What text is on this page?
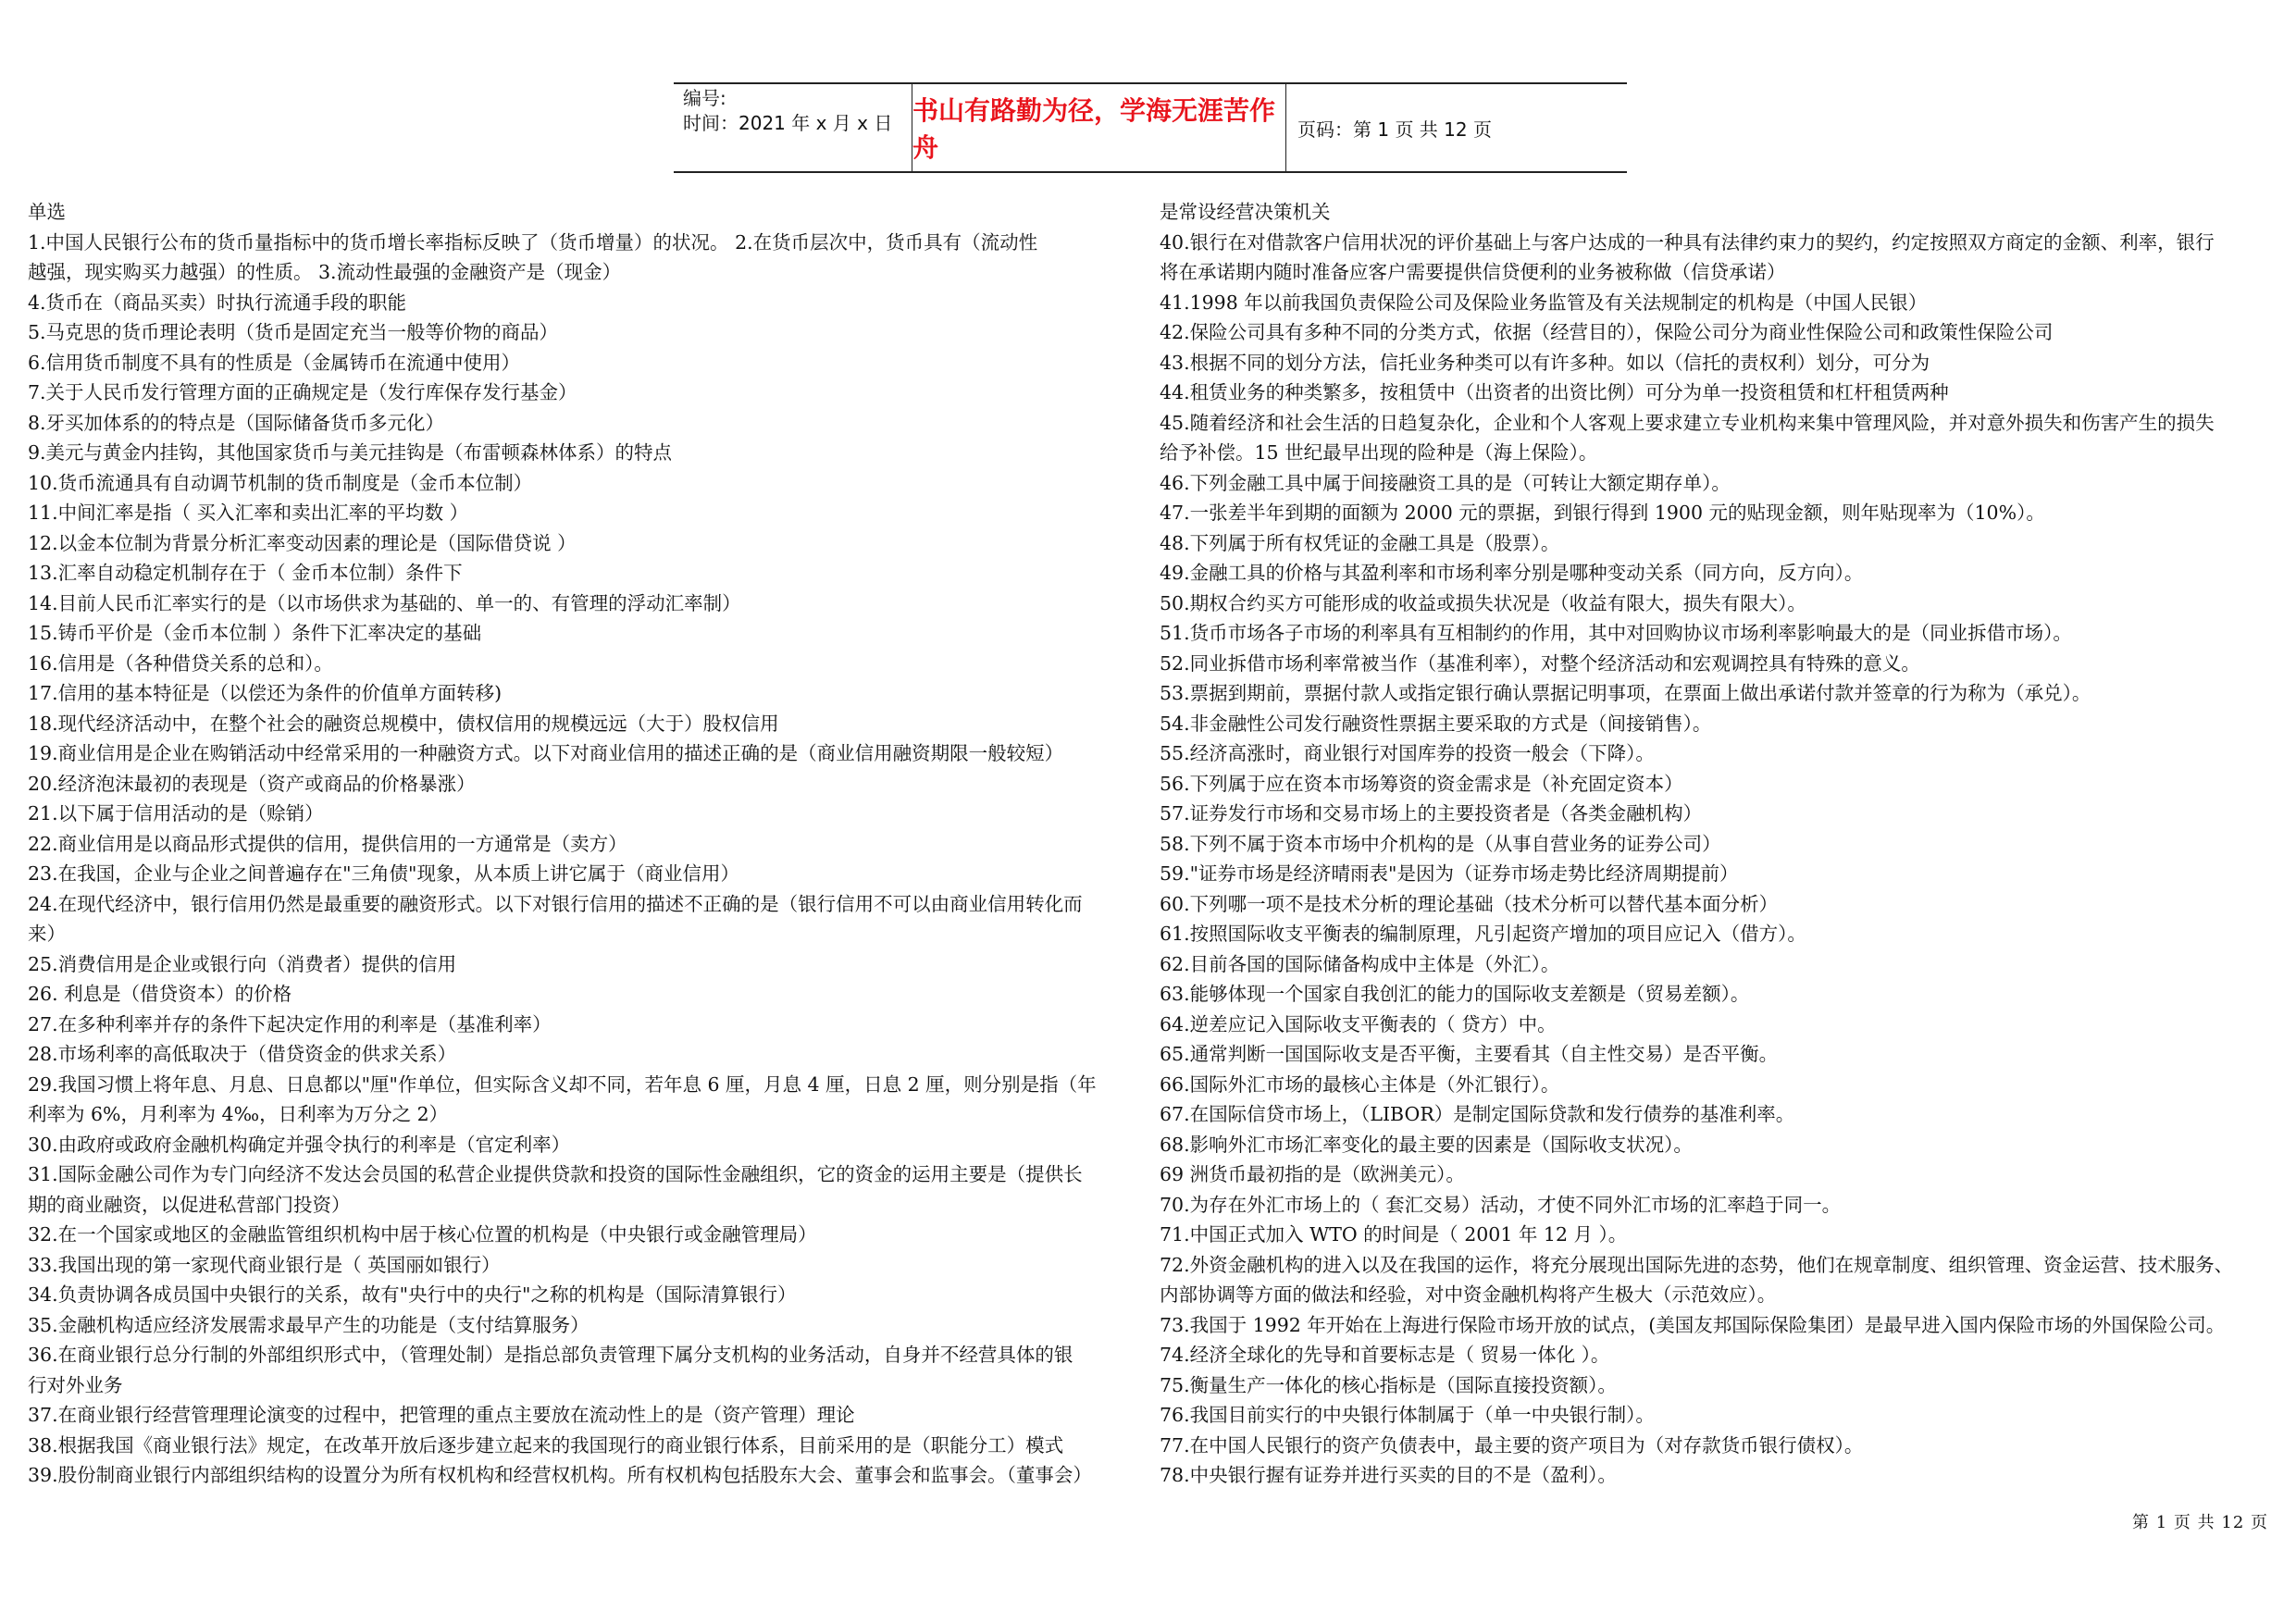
编号:
时间：2021 年 x 月 x 日 书山有路勤为径，学海无涯苦作舟
页码：第 1 页 共 12 页
单选
1.中国人民银行公布的货币量指标中的货币增长率指标反映了（货币增量）的状况。 2.在货币层次中，货币具有（流动性
越强，现实购买力越强）的性质。 3.流动性最强的金融资产是（现金）
4.货币在（商品买卖）时执行流通手段的职能
5.马克思的货币理论表明（货币是固定充当一般等价物的商品）
6.信用货币制度不具有的性质是（金属铸币在流通中使用）
7.关于人民币发行管理方面的正确规定是（发行库保存发行基金）
8.牙买加体系的的特点是（国际储备货币多元化）
9.美元与黄金内挂钩，其他国家货币与美元挂钩是（布雷顿森林体系）的特点
10.货币流通具有自动调节机制的货币制度是（金币本位制）
11.中间汇率是指（ 买入汇率和卖出汇率的平均数 ）
12.以金本位制为背景分析汇率变动因素的理论是（国际借贷说 ）
13.汇率自动稳定机制存在于（ 金币本位制）条件下
14.目前人民币汇率实行的是（以市场供求为基础的、单一的、有管理的浮动汇率制）
15.铸币平价是（金币本位制 ）条件下汇率决定的基础
16.信用是（各种借贷关系的总和）。
17.信用的基本特征是（以偿还为条件的价值单方面转移)
18.现代经济活动中，在整个社会的融资总规模中，债权信用的规模远远（大于）股权信用
19.商业信用是企业在购销活动中经常采用的一种融资方式。以下对商业信用的描述正确的是（商业信用融资期限一般较短）
20.经济泡沫最初的表现是（资产或商品的价格暴涨）
21.以下属于信用活动的是（赊销）
22.商业信用是以商品形式提供的信用，提供信用的一方通常是（卖方）
23.在我国，企业与企业之间普遍存在"三角债"现象，从本质上讲它属于（商业信用）
24.在现代经济中，银行信用仍然是最重要的融资形式。以下对银行信用的描述不正确的是（银行信用不可以由商业信用转化而
来）
25.消费信用是企业或银行向（消费者）提供的信用
26. 利息是（借贷资本）的价格
27.在多种利率并存的条件下起决定作用的利率是（基准利率）
28.市场利率的高低取决于（借贷资金的供求关系）
29.我国习惯上将年息、月息、日息都以"厘"作单位，但实际含义却不同，若年息 6 厘，月息 4 厘，日息 2 厘，则分别是指（年
利率为 6%，月利率为 4‰，日利率为万分之 2）
30.由政府或政府金融机构确定并强令执行的利率是（官定利率）
31.国际金融公司作为专门向经济不发达会员国的私营企业提供贷款和投资的国际性金融组织，它的资金的运用主要是（提供长
期的商业融资，以促进私营部门投资）
32.在一个国家或地区的金融监管组织机构中居于核心位置的机构是（中央银行或金融管理局）
33.我国出现的第一家现代商业银行是（ 英国丽如银行）
34.负责协调各成员国中央银行的关系，故有"央行中的央行"之称的机构是（国际清算银行）
35.金融机构适应经济发展需求最早产生的功能是（支付结算服务）
36.在商业银行总分行制的外部组织形式中，（管理处制）是指总部负责管理下属分支机构的业务活动，自身并不经营具体的银
行对外业务
37.在商业银行经营管理理论演变的过程中，把管理的重点主要放在流动性上的是（资产管理）理论
38.根据我国《商业银行法》规定，在改革开放后逐步建立起来的我国现行的商业银行体系，目前采用的是（职能分工）模式
39.股份制商业银行内部组织结构的设置分为所有权机构和经营权机构。所有权机构包括股东大会、董事会和监事会。（董事会）
是常设经营决策机关
40.银行在对借款客户信用状况的评价基础上与客户达成的一种具有法律约束力的契约，约定按照双方商定的金额、利率，银行
将在承诺期内随时准备应客户需要提供信贷便利的业务被称做（信贷承诺）
41.1998 年以前我国负责保险公司及保险业务监管及有关法规制定的机构是（中国人民银）
42.保险公司具有多种不同的分类方式，依据（经营目的），保险公司分为商业性保险公司和政策性保险公司
43.根据不同的划分方法，信托业务种类可以有许多种。如以（信托的责权利）划分，可分为
44.租赁业务的种类繁多，按租赁中（出资者的出资比例）可分为单一投资租赁和杠杆租赁两种
45.随着经济和社会生活的日趋复杂化，企业和个人客观上要求建立专业机构来集中管理风险，并对意外损失和伤害产生的损失
给予补偿。15 世纪最早出现的险种是（海上保险）。
46.下列金融工具中属于间接融资工具的是（可转让大额定期存单）。
47.一张差半年到期的面额为 2000 元的票据，到银行得到 1900 元的贴现金额，则年贴现率为（10%）。
48.下列属于所有权凭证的金融工具是（股票）。
49.金融工具的价格与其盈利率和市场利率分别是哪种变动关系（同方向，反方向）。
50.期权合约买方可能形成的收益或损失状况是（收益有限大，损失有限大）。
51.货币市场各子市场的利率具有互相制约的作用，其中对回购协议市场利率影响最大的是（同业拆借市场）。
52.同业拆借市场利率常被当作（基准利率），对整个经济活动和宏观调控具有特殊的意义。
53.票据到期前，票据付款人或指定银行确认票据记明事项，在票面上做出承诺付款并签章的行为称为（承兑）。
54.非金融性公司发行融资性票据主要采取的方式是（间接销售）。
55.经济高涨时，商业银行对国库券的投资一般会（下降）。
56.下列属于应在资本市场筹资的资金需求是（补充固定资本）
57.证券发行市场和交易市场上的主要投资者是（各类金融机构）
58.下列不属于资本市场中介机构的是（从事自营业务的证券公司）
59."证券市场是经济晴雨表"是因为（证券市场走势比经济周期提前）
60.下列哪一项不是技术分析的理论基础（技术分析可以替代基本面分析）
61.按照国际收支平衡表的编制原理，凡引起资产增加的项目应记入（借方）。
62.目前各国的国际储备构成中主体是（外汇）。
63.能够体现一个国家自我创汇的能力的国际收支差额是（贸易差额）。
64.逆差应记入国际收支平衡表的（ 贷方）中。
65.通常判断一国国际收支是否平衡，主要看其（自主性交易）是否平衡。
66.国际外汇市场的最核心主体是（外汇银行）。
67.在国际信贷市场上，（LIBOR）是制定国际贷款和发行债券的基准利率。
68.影响外汇市场汇率变化的最主要的因素是（国际收支状况）。
69 洲货币最初指的是（欧洲美元）。
70.为存在外汇市场上的（ 套汇交易）活动，才使不同外汇市场的汇率趋于同一。
71.中国正式加入 WTO 的时间是（ 2001 年 12 月 ）。
72.外资金融机构的进入以及在我国的运作，将充分展现出国际先进的态势，他们在规章制度、组织管理、资金运营、技术服务、
内部协调等方面的做法和经验，对中资金融机构将产生极大（示范效应）。
73.我国于 1992 年开始在上海进行保险市场开放的试点，(美国友邦国际保险集团）是最早进入国内保险市场的外国保险公司。
74.经济全球化的先导和首要标志是（ 贸易一体化 ）。
75.衡量生产一体化的核心指标是（国际直接投资额）。
76.我国目前实行的中央银行体制属于（单一中央银行制）。
77.在中国人民银行的资产负债表中，最主要的资产项目为（对存款货币银行债权）。
78.中央银行握有证券并进行买卖的目的不是（盈利）。
第 1 页 共 12 页
